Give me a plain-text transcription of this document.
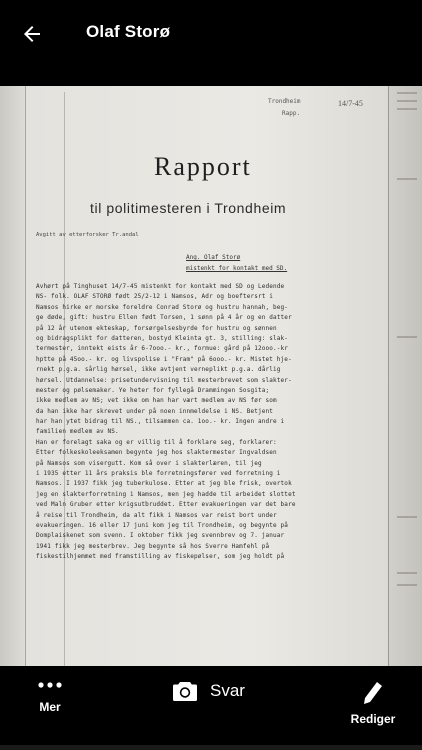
Olaf Storø
Trondheim	14/7-45
Rapp.
Rapport
til politimesteren i Trondheim
Avgitt av etterforsker Tr.andal
Ang. Olaf Storø
mistenkt for kontakt med SD.
Avhørt på Tinghuset 14/7-45 mistenkt for kontakt med SD og Ledende
NS- folk. OLAF STORØ født 25/2-12 i Namsos, Adr og boeftersrt i
Namsos hirke er morske foreldre Conrad Storø og hustru hannah, beg-
ge døde, gift: hustru Ellen født Torsen, 1 sønn på 4 år og en datter
på 12 år utenom ekteskap, forsørgelsesbyrde for hustru og sønnen
og bidragsplikt for datteren, bostyd Kleinta gt. 3, stilling: slak-
termester, inntekt eists år 6-7ooo.- kr., formue: gård på 12ooo.-kr
hptte på 45oo.- kr. og livspolise i "Fram" på 6ooo.- kr. Mistet hje-
rnekt p.g.a. sårlig hørsel, ikke avtjent verneplikt p.g.a. dårlig
hørsel. Utdannelse: prisetundervisning til mesterbrevet som slakter-
mester og pølsemaker. Ye heter for fyllegå Drammingen Sosgita;
ikke medlem av NS; vet ikke om han har vært medlem av NS før som
da han ikke har skrevet under på noen innmeldelse i NS. Betjent
har han ytet bidrag til NS., tilsammen ca. 1oo.- kr. Ingen andre i
familien medlem av NS.
Han er forelagt saka og er villig til å forklare seg, forklarer:
Etter folkeskoleeksamen begynte jeg hos slaktermester Ingvaldsen
på Namsos som visergutt. Kom så over i slakterlæren, til jeg
i 1935 etter 11 års praksis ble forretningsfører ved forretning i
Namsos. I 1937 fikk jeg tuberkulose. Etter at jeg ble frisk, overtok
jeg en slakterforretning i Namsos, men jeg hadde til arbeidet slottet
ved Maln Gruber etter krigsutbruddet. Etter evakueringen var det bare
å reise til Trondheim, da alt fikk i Namsos var reist bort under
evakueringen. 16 eller 17 juni kom jeg til Trondheim, og begynte på
Domplaiskenet som svenn. I oktober fikk jeg svennbrev og 7. januar
1941 fikk jeg mesterbrev. Jeg begynte så hos Sverre Hamfehl på
fiskestilhjemmet med framstilling av fiskepølser, som jeg holdt på
Mer
Svar
Rediger
